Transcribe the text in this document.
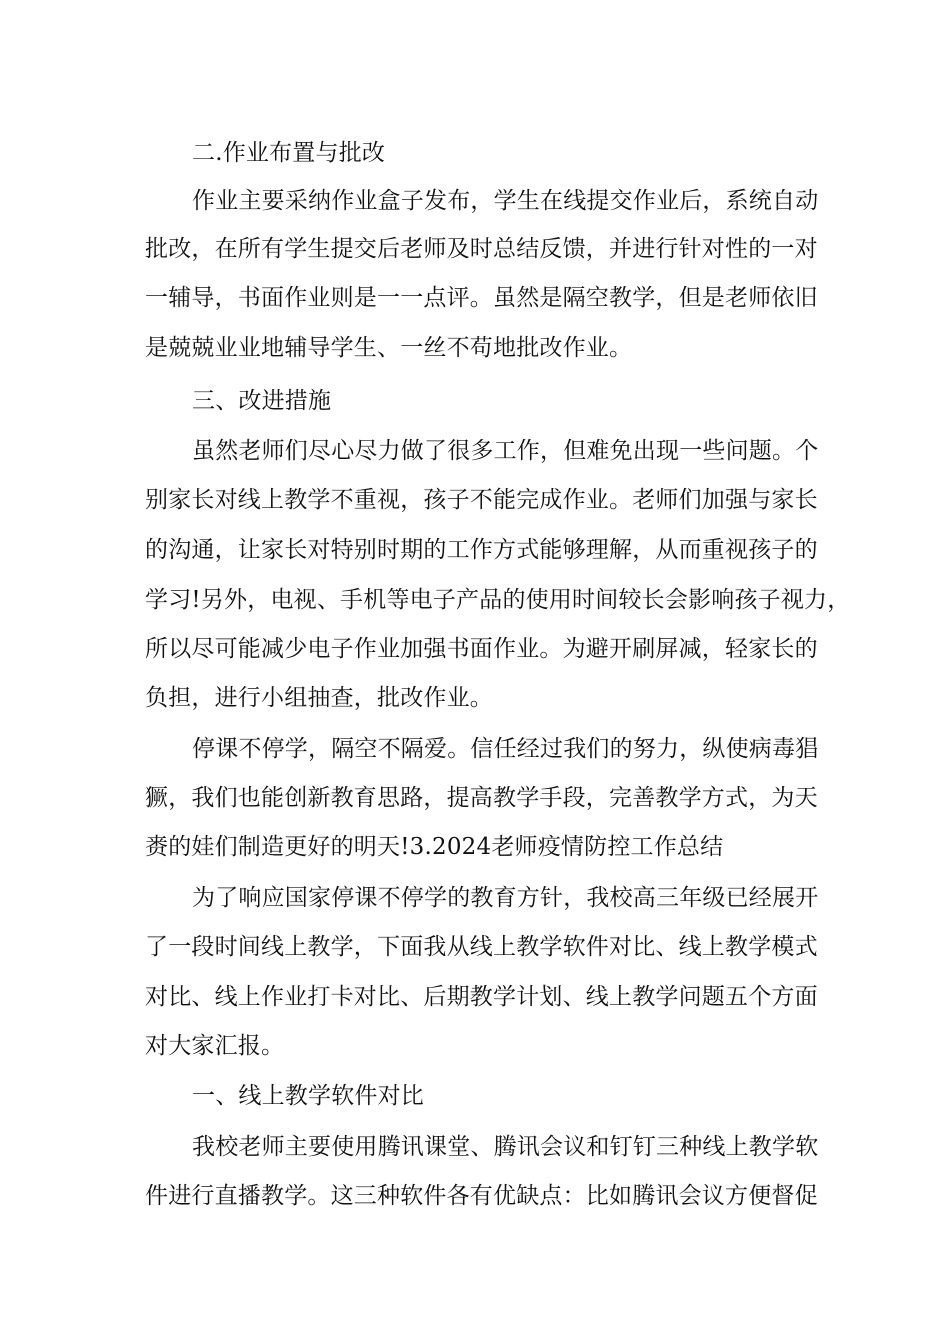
二.作业布置与批改
作业主要采纳作业盒子发布，学生在线提交作业后，系统自动
批改，在所有学生提交后老师及时总结反馈，并进行针对性的一对
一辅导，书面作业则是一一点评。虽然是隔空教学，但是老师依旧
是兢兢业业地辅导学生、一丝不苟地批改作业。
三、改进措施
虽然老师们尽心尽力做了很多工作，但难免出现一些问题。个
别家长对线上教学不重视，孩子不能完成作业。老师们加强与家长
的沟通，让家长对特别时期的工作方式能够理解，从而重视孩子的
学习!另外，电视、手机等电子产品的使用时间较长会影响孩子视力，
所以尽可能减少电子作业加强书面作业。为避开刷屏减，轻家长的
负担，进行小组抽查，批改作业。
停课不停学，隔空不隔爱。信任经过我们的努力，纵使病毒猖
獗，我们也能创新教育思路，提高教学手段，完善教学方式，为天
赉的娃们制造更好的明天!3.2024老师疫情防控工作总结
为了响应国家停课不停学的教育方针，我校高三年级已经展开
了一段时间线上教学，下面我从线上教学软件对比、线上教学模式
对比、线上作业打卡对比、后期教学计划、线上教学问题五个方面
对大家汇报。
一、线上教学软件对比
我校老师主要使用腾讯课堂、腾讯会议和钉钉三种线上教学软
件进行直播教学。这三种软件各有优缺点：比如腾讯会议方便督促
